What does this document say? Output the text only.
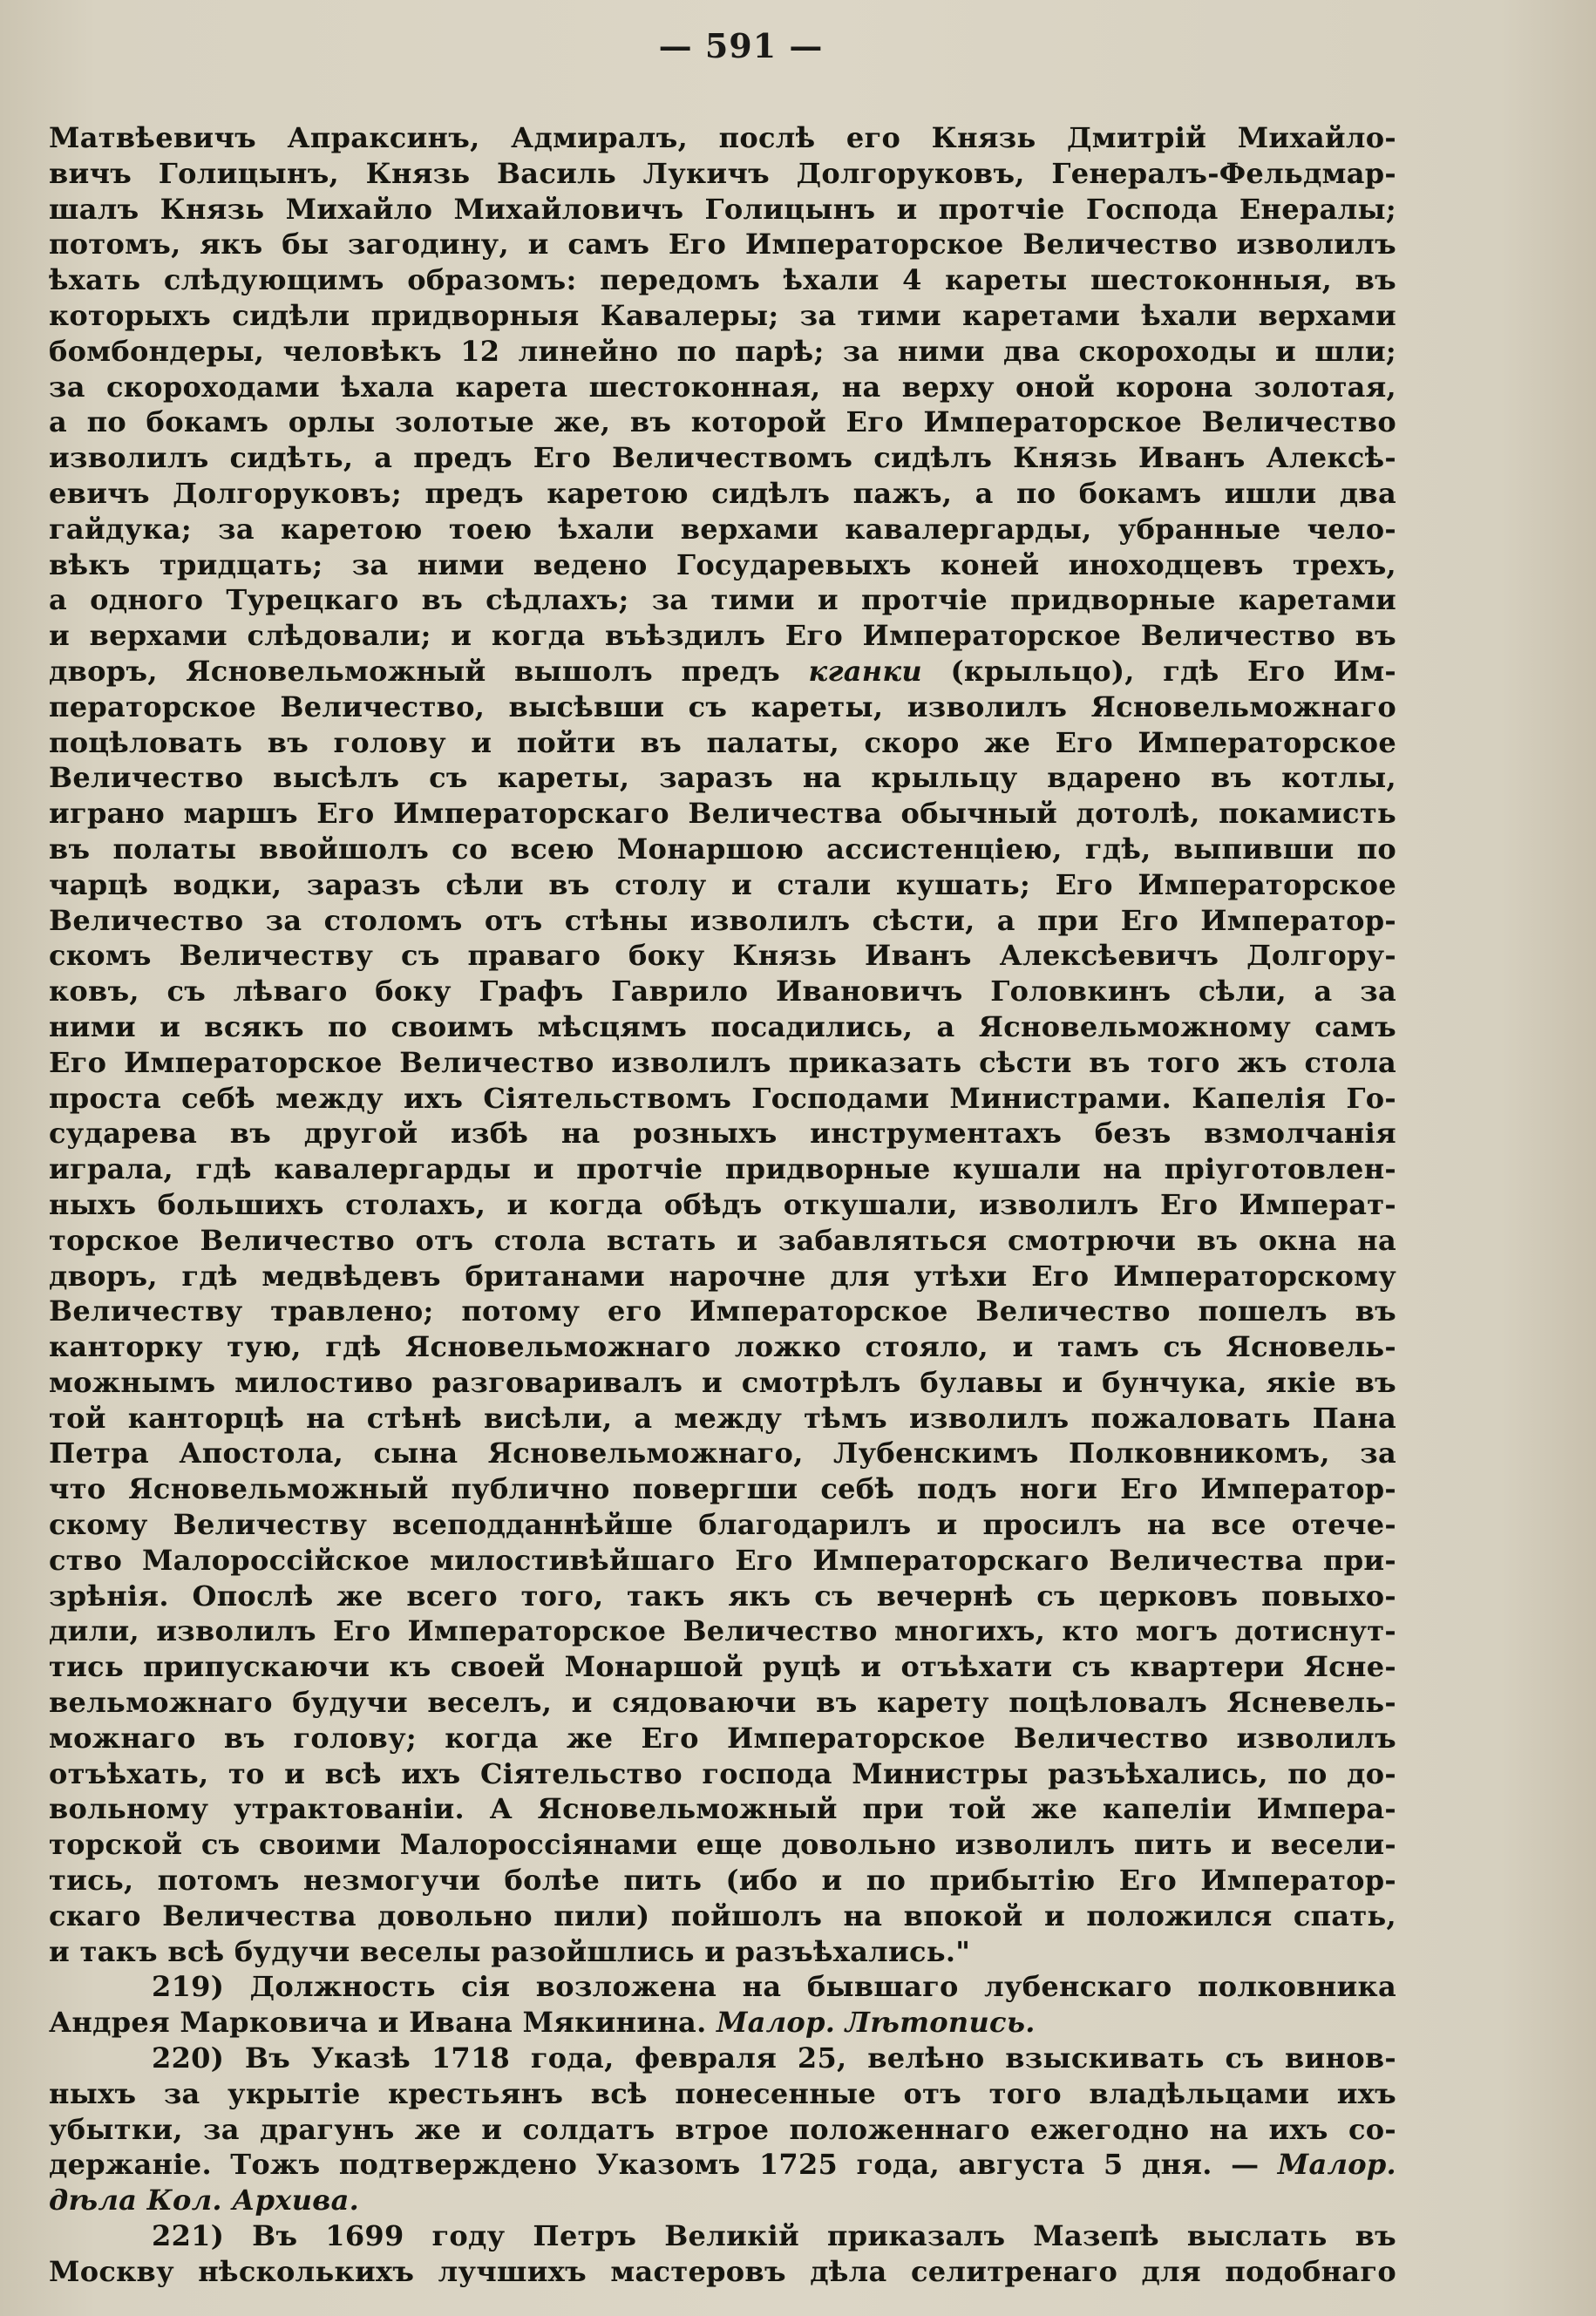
— 591 —
Матвѣевичъ Апраксинъ, Адмиралъ, послѣ его Князь Дмитрій Михайло-
вичъ Голицынъ, Князь Василь Лукичъ Долгоруковъ, Генералъ-Фельдмар-
шалъ Князь Михайло Михайловичъ Голицынъ и протчіе Господа Енералы;
потомъ, якъ бы загодину, и самъ Его Императорское Величество изволилъ
ѣхать слѣдующимъ образомъ: передомъ ѣхали 4 кареты шестоконныя, въ
которыхъ сидѣли придворныя Кавалеры; за тими каретами ѣхали верхами
бомбондеры, человѣкъ 12 линейно по парѣ; за ними два скороходы и шли;
за скороходами ѣхала карета шестоконная, на верху оной корона золотая,
а по бокамъ орлы золотые же, въ которой Его Императорское Величество
изволилъ сидѣть, а предъ Его Величествомъ сидѣлъ Князь Иванъ Алексѣ-
евичъ Долгоруковъ; предъ каретою сидѣлъ пажъ, а по бокамъ ишли два
гайдука; за каретою тоею ѣхали верхами кавалергарды, убранные чело-
вѣкъ тридцать; за ними ведено Государевыхъ коней иноходцевъ трехъ,
а одного Турецкаго въ сѣдлахъ; за тими и протчіе придворные каретами
и верхами слѣдовали; и когда въѣздилъ Его Императорское Величество въ
дворъ, Ясновельможный вышолъ предъ кганки (крыльцо), гдѣ Его Им-
ператорское Величество, высѣвши съ кареты, изволилъ Ясновельможнаго
поцѣловать въ голову и пойти въ палаты, скоро же Его Императорское
Величество высѣлъ съ кареты, заразъ на крыльцу вдарено въ котлы,
играно маршъ Его Императорскаго Величества обычный дотолѣ, покамисть
въ полаты ввойшолъ со всею Монаршою ассистенціею, гдѣ, выпивши по
чарцѣ водки, заразъ сѣли въ столу и стали кушать; Его Императорское
Величество за столомъ отъ стѣны изволилъ сѣсти, а при Его Император-
скомъ Величеству съ праваго боку Князь Иванъ Алексѣевичъ Долгору-
ковъ, съ лѣваго боку Графъ Гаврило Ивановичъ Головкинъ сѣли, а за
ними и всякъ по своимъ мѣсцямъ посадились, а Ясновельможному самъ
Его Императорское Величество изволилъ приказать сѣсти въ того жъ стола
проста себѣ между ихъ Сіятельствомъ Господами Министрами. Капелія Го-
сударева въ другой избѣ на розныхъ инструментахъ безъ взмолчанія
играла, гдѣ кавалергарды и протчіе придворные кушали на пріуготовлен-
ныхъ большихъ столахъ, и когда обѣдъ откушали, изволилъ Его Императ-
торское Величество отъ стола встать и забавляться смотрючи въ окна на
дворъ, гдѣ медвѣдевъ британами нарочне для утѣхи Его Императорскому
Величеству травлено; потому его Императорское Величество пошелъ въ
канторку тую, гдѣ Ясновельможнаго ложко стояло, и тамъ съ Ясновель-
можнымъ милостиво разговаривалъ и смотрѣлъ булавы и бунчука, якіе въ
той канторцѣ на стѣнѣ висѣли, а между тѣмъ изволилъ пожаловать Пана
Петра Апостола, сына Ясновельможнаго, Лубенскимъ Полковникомъ, за
что Ясновельможный публично повергши себѣ подъ ноги Его Император-
скому Величеству всеподданнѣйше благодарилъ и просилъ на все отече-
ство Малороссійское милостивѣйшаго Его Императорскаго Величества при-
зрѣнія. Опослѣ же всего того, такъ якъ съ вечернѣ съ церковъ повыхо-
дили, изволилъ Его Императорское Величество многихъ, кто могъ дотиснут-
тись припускаючи къ своей Монаршой руцѣ и отъѣхати съ квартери Ясне-
вельможнаго будучи веселъ, и сядоваючи въ карету поцѣловалъ Ясневель-
можнаго въ голову; когда же Его Императорское Величество изволилъ
отъѣхать, то и всѣ ихъ Сіятельство господа Министры разъѣхались, по до-
вольному утрактованіи. А Ясновельможный при той же капеліи Импера-
торской съ своими Малороссіянами еще довольно изволилъ пить и весели-
тись, потомъ незмогучи болѣе пить (ибо и по прибытію Его Император-
скаго Величества довольно пили) пойшолъ на впокой и положился спать,
и такъ всѣ будучи веселы разойшлись и разъѣхались."
219) Должность сія возложена на бывшаго лубенскаго полковника
Андрея Марковича и Ивана Мякинина. Малор. Лѣтопись.
220) Въ Указѣ 1718 года, февраля 25, велѣно взыскивать съ винов-
ныхъ за укрытіе крестьянъ всѣ понесенные отъ того владѣльцами ихъ
убытки, за драгунъ же и солдатъ втрое положеннаго ежегодно на ихъ со-
держаніе. Тожъ подтверждено Указомъ 1725 года, августа 5 дня. — Малор.
дѣла Кол. Архива.
221) Въ 1699 году Петръ Великій приказалъ Мазепѣ выслать въ
Москву нѣсколькихъ лучшихъ мастеровъ дѣла селитренаго для подобнаго
